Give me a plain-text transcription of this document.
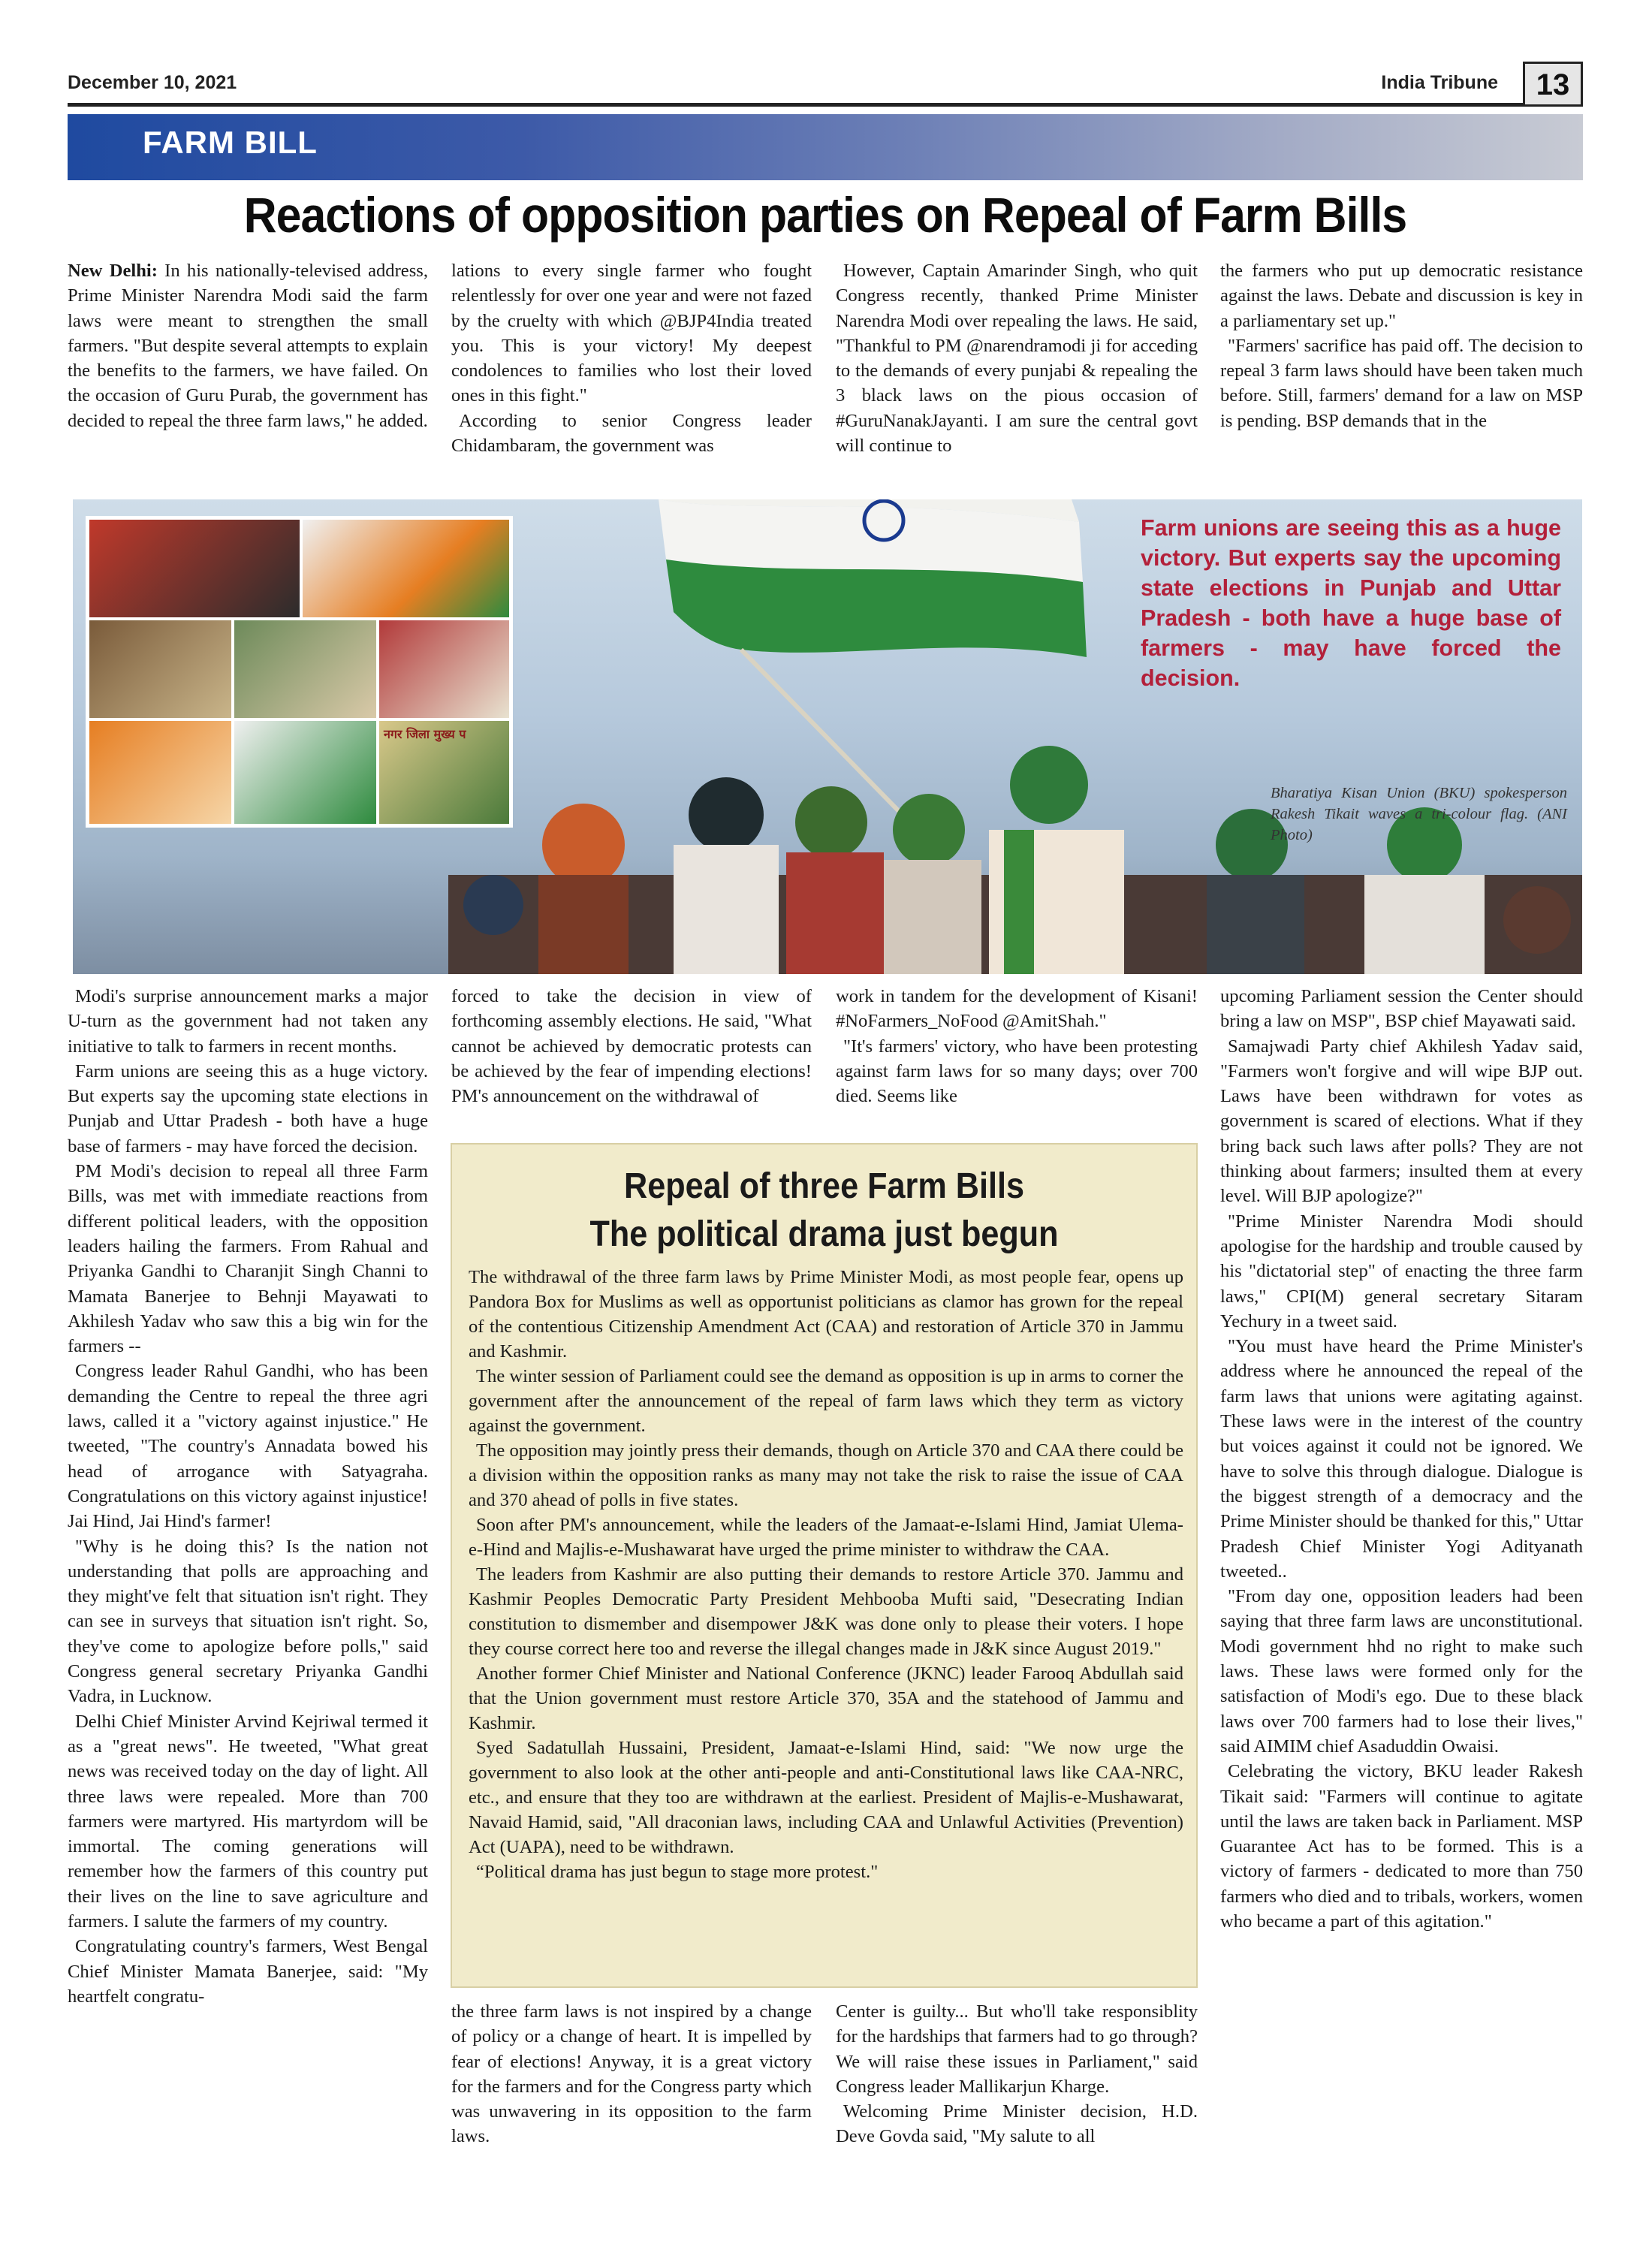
December 10, 2021	India Tribune	13
FARM BILL
Reactions of opposition parties on Repeal of Farm Bills

New Delhi: In his nationally-televised address, Prime Minister Narendra Modi said the farm laws were meant to strengthen the small farmers. "But despite several attempts to explain the benefits to the farmers, we have failed. On the occasion of Guru Purab, the government has decided to repeal the three farm laws," he added.

lations to every single farmer who fought relentlessly for over one year and were not fazed by the cruelty with which @BJP4India treated you. This is your victory! My deepest condolences to families who lost their loved ones in this fight."

According to senior Congress leader Chidambaram, the government was

However, Captain Amarinder Singh, who quit Congress recently, thanked Prime Minister Narendra Modi over repealing the laws. He said, "Thankful to PM @narendramodi ji for acceding to the demands of every punjabi & repealing the 3 black laws on the pious occasion of #GuruNanakJayanti. I am sure the central govt will continue to

the farmers who put up democratic resistance against the laws. Debate and discussion is key in a parliamentary set up."

"Farmers' sacrifice has paid off. The decision to repeal 3 farm laws should have been taken much before. Still, farmers' demand for a law on MSP is pending. BSP demands that in the

नगर जिला मुख्य प
Farm unions are seeing this as a huge victory. But experts say the upcoming state elections in Punjab and Uttar Pradesh - both have a huge base of farmers - may have forced the decision.
Bharatiya Kisan Union (BKU) spokesperson Rakesh Tikait waves a tri-colour flag. (ANI Photo)

Modi's surprise announcement marks a major U-turn as the government had not taken any initiative to talk to farmers in recent months.

Farm unions are seeing this as a huge victory. But experts say the upcoming state elections in Punjab and Uttar Pradesh - both have a huge base of farmers - may have forced the decision.

PM Modi's decision to repeal all three Farm Bills, was met with immediate reactions from different political leaders, with the opposition leaders hailing the farmers. From Rahual and Priyanka Gandhi to Charanjit Singh Channi to Mamata Banerjee to Behnji Mayawati to Akhilesh Yadav who saw this a big win for the farmers --

Congress leader Rahul Gandhi, who has been demanding the Centre to repeal the three agri laws, called it a "victory against injustice." He tweeted, "The country's Annadata bowed his head of arrogance with Satyagraha. Congratulations on this victory against injustice! Jai Hind, Jai Hind's farmer!

"Why is he doing this? Is the nation not understanding that polls are approaching and they might've felt that situation isn't right. They can see in surveys that situation isn't right. So, they've come to apologize before polls," said Congress general secretary Priyanka Gandhi Vadra, in Lucknow.

Delhi Chief Minister Arvind Kejriwal termed it as a "great news". He tweeted, "What great news was received today on the day of light. All three laws were repealed. More than 700 farmers were martyred. His martyrdom will be immortal. The coming generations will remember how the farmers of this country put their lives on the line to save agriculture and farmers. I salute the farmers of my country.

Congratulating country's farmers, West Bengal Chief Minister Mamata Banerjee, said: "My heartfelt congratu-

forced to take the decision in view of forthcoming assembly elections. He said, "What cannot be achieved by democratic protests can be achieved by the fear of impending elections! PM's announcement on the withdrawal of

work in tandem for the development of Kisani! #NoFarmers_NoFood @AmitShah."

"It's farmers' victory, who have been protesting against farm laws for so many days; over 700 died. Seems like

Repeal of three Farm Bills
The political drama just begun

The withdrawal of the three farm laws by Prime Minister Modi, as most people fear, opens up Pandora Box for Muslims as well as opportunist politicians as clamor has grown for the repeal of the contentious Citizenship Amendment Act (CAA) and restoration of Article 370 in Jammu and Kashmir.

The winter session of Parliament could see the demand as opposition is up in arms to corner the government after the announcement of the repeal of farm laws which they term as victory against the government.

The opposition may jointly press their demands, though on Article 370 and CAA there could be a division within the opposition ranks as many may not take the risk to raise the issue of CAA and 370 ahead of polls in five states.

Soon after PM's announcement, while the leaders of the Jamaat-e-Islami Hind, Jamiat Ulema-e-Hind and Majlis-e-Mushawarat have urged the prime minister to withdraw the CAA.

The leaders from Kashmir are also putting their demands to restore Article 370. Jammu and Kashmir Peoples Democratic Party President Mehbooba Mufti said, "Desecrating Indian constitution to dismember and disempower J&K was done only to please their voters. I hope they course correct here too and reverse the illegal changes made in J&K since August 2019."

Another former Chief Minister and National Conference (JKNC) leader Farooq Abdullah said that the Union government must restore Article 370, 35A and the statehood of Jammu and Kashmir.

Syed Sadatullah Hussaini, President, Jamaat-e-Islami Hind, said: "We now urge the government to also look at the other anti-people and anti-Constitutional laws like CAA-NRC, etc., and ensure that they too are withdrawn at the earliest. President of Majlis-e-Mushawarat, Navaid Hamid, said, "All draconian laws, including CAA and Unlawful Activities (Prevention) Act (UAPA), need to be withdrawn.

“Political drama has just begun to stage more protest."

the three farm laws is not inspired by a change of policy or a change of heart. It is impelled by fear of elections! Anyway, it is a great victory for the farmers and for the Congress party which was unwavering in its opposition to the farm laws.

Center is guilty... But who'll take responsiblity for the hardships that farmers had to go through? We will raise these issues in Parliament," said Congress leader Mallikarjun Kharge.

Welcoming Prime Minister decision, H.D. Deve Govda said, "My salute to all

upcoming Parliament session the Center should bring a law on MSP", BSP chief Mayawati said.

Samajwadi Party chief Akhilesh Yadav said, "Farmers won't forgive and will wipe BJP out. Laws have been withdrawn for votes as government is scared of elections. What if they bring back such laws after polls? They are not thinking about farmers; insulted them at every level. Will BJP apologize?"

"Prime Minister Narendra Modi should apologise for the hardship and trouble caused by his "dictatorial step" of enacting the three farm laws," CPI(M) general secretary Sitaram Yechury in a tweet said.

"You must have heard the Prime Minister's address where he announced the repeal of the farm laws that unions were agitating against. These laws were in the interest of the country but voices against it could not be ignored. We have to solve this through dialogue. Dialogue is the biggest strength of a democracy and the Prime Minister should be thanked for this," Uttar Pradesh Chief Minister Yogi Adityanath tweeted..

"From day one, opposition leaders had been saying that three farm laws are unconstitutional. Modi government hhd no right to make such laws. These laws were formed only for the satisfaction of Modi's ego. Due to these black laws over 700 farmers had to lose their lives," said AIMIM chief Asaduddin Owaisi.

Celebrating the victory, BKU leader Rakesh Tikait said: "Farmers will continue to agitate until the laws are taken back in Parliament. MSP Guarantee Act has to be formed. This is a victory of farmers - dedicated to more than 750 farmers who died and to tribals, workers, women who became a part of this agitation."
